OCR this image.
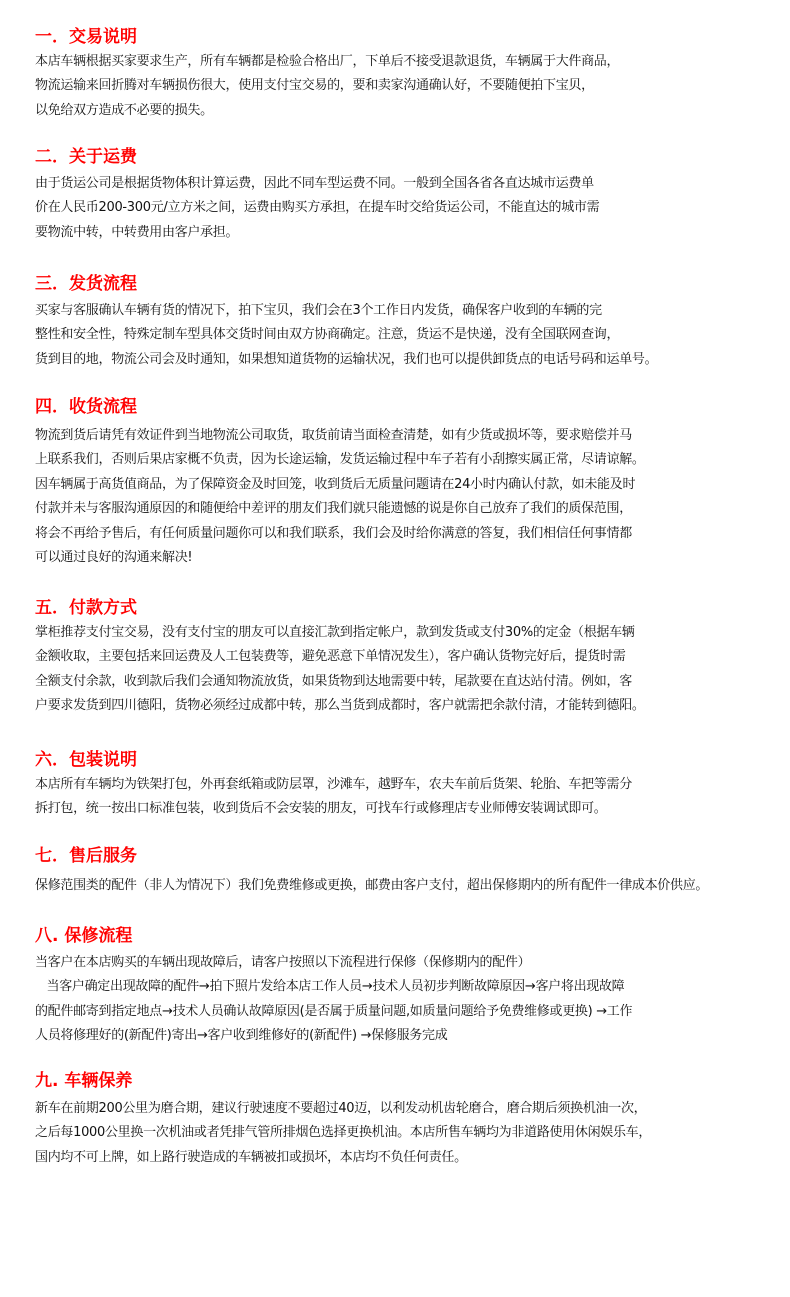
一．交易说明
本店车辆根据买家要求生产，所有车辆都是检验合格出厂，下单后不接受退款退货，车辆属于大件商品，
物流运输来回折腾对车辆损伤很大，使用支付宝交易的，要和卖家沟通确认好，不要随便拍下宝贝，
以免给双方造成不必要的损失。
二．关于运费
由于货运公司是根据货物体积计算运费，因此不同车型运费不同。一般到全国各省各直达城市运费单
价在人民币200-300元/立方米之间，运费由购买方承担，在提车时交给货运公司，不能直达的城市需
要物流中转，中转费用由客户承担。
三．发货流程
买家与客服确认车辆有货的情况下，拍下宝贝，我们会在3个工作日内发货，确保客户收到的车辆的完
整性和安全性，特殊定制车型具体交货时间由双方协商确定。注意，货运不是快递，没有全国联网查询，
货到目的地，物流公司会及时通知，如果想知道货物的运输状况，我们也可以提供卸货点的电话号码和运单号。
四．收货流程
物流到货后请凭有效证件到当地物流公司取货，取货前请当面检查清楚，如有少货或损坏等，要求赔偿并马
上联系我们，否则后果店家概不负责，因为长途运输，发货运输过程中车子若有小刮擦实属正常，尽请谅解。
因车辆属于高货值商品，为了保障资金及时回笼，收到货后无质量问题请在24小时内确认付款，如未能及时
付款并未与客服沟通原因的和随便给中差评的朋友们我们就只能遗憾的说是你自己放弃了我们的质保范围，
将会不再给予售后，有任何质量问题你可以和我们联系，我们会及时给你满意的答复，我们相信任何事情都
可以通过良好的沟通来解决!
五．付款方式
掌柜推荐支付宝交易，没有支付宝的朋友可以直接汇款到指定帐户，款到发货或支付30%的定金（根据车辆
金额收取，主要包括来回运费及人工包装费等，避免恶意下单情况发生），客户确认货物完好后，提货时需
全额支付余款，收到款后我们会通知物流放货，如果货物到达地需要中转，尾款要在直达站付清。例如，客
户要求发货到四川德阳，货物必须经过成都中转，那么当货到成都时，客户就需把余款付清，才能转到德阳。
六．包装说明
本店所有车辆均为铁架打包，外再套纸箱或防层罩，沙滩车，越野车，农夫车前后货架、轮胎、车把等需分
拆打包，统一按出口标准包装，收到货后不会安装的朋友，可找车行或修理店专业师傅安装调试即可。
七．售后服务
保修范围类的配件（非人为情况下）我们免费维修或更换，邮费由客户支付，超出保修期内的所有配件一律成本价供应。
八. 保修流程
当客户在本店购买的车辆出现故障后，请客户按照以下流程进行保修（保修期内的配件）
当客户确定出现故障的配件→拍下照片发给本店工作人员→技术人员初步判断故障原因→客户将出现故障
的配件邮寄到指定地点→技术人员确认故障原因(是否属于质量问题,如质量问题给予免费维修或更换) →工作
人员将修理好的(新配件)寄出→客户收到维修好的(新配件) →保修服务完成
九. 车辆保养
新车在前期200公里为磨合期，建议行驶速度不要超过40迈，以利发动机齿轮磨合，磨合期后须换机油一次，
之后每1000公里换一次机油或者凭排气管所排烟色选择更换机油。本店所售车辆均为非道路使用休闲娱乐车，
国内均不可上牌，如上路行驶造成的车辆被扣或损坏，本店均不负任何责任。
